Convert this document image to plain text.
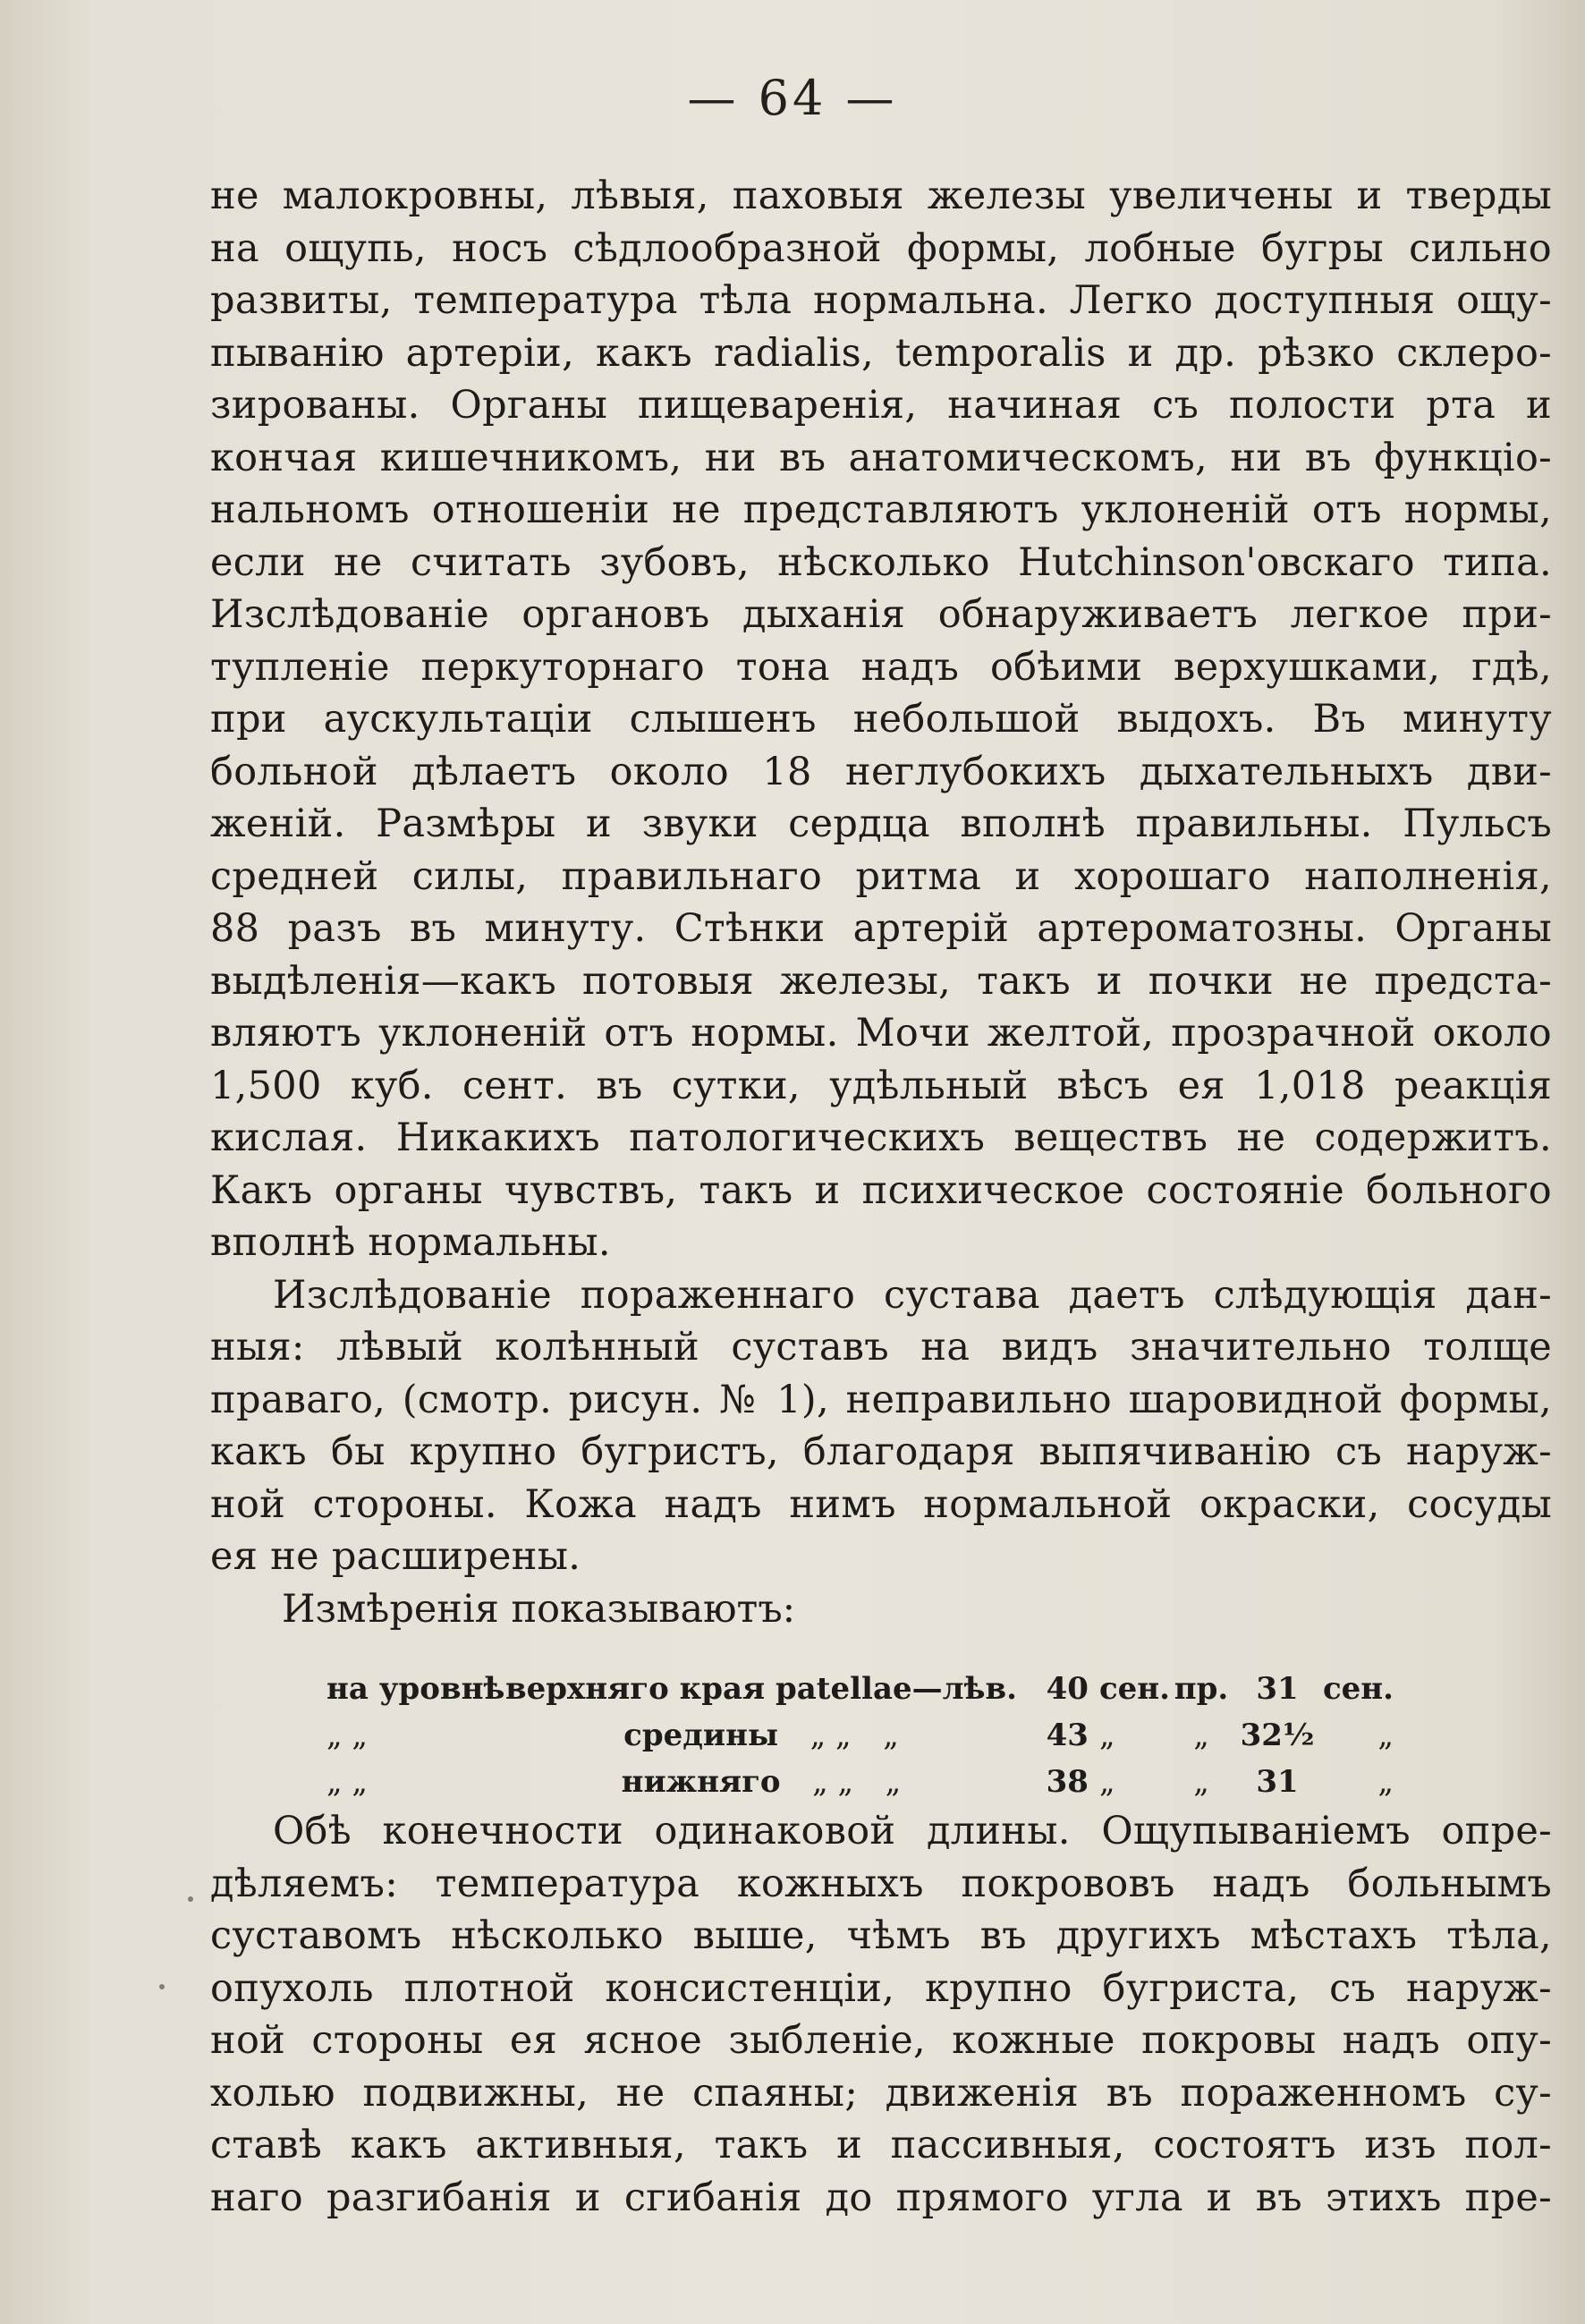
— 64 —
не малокровны, лѣвыя, паховыя железы увеличены и тверды
на ощупь, носъ сѣдлообразной формы, лобные бугры сильно
развиты, температура тѣла нормальна. Легко доступныя ощу-
пыванію артеріи, какъ radialis, temporalis и др. рѣзко склеро-
зированы. Органы пищеваренія, начиная съ полости рта и
кончая кишечникомъ, ни въ анатомическомъ, ни въ функціо-
нальномъ отношеніи не представляютъ уклоненій отъ нормы,
если не считать зубовъ, нѣсколько Hutchinson'овскаго типа.
Изслѣдованіе органовъ дыханія обнаруживаетъ легкое при-
тупленіе перкуторнаго тона надъ обѣими верхушками, гдѣ,
при аускультаціи слышенъ небольшой выдохъ. Въ минуту
больной дѣлаетъ около 18 неглубокихъ дыхательныхъ дви-
женій. Размѣры и звуки сердца вполнѣ правильны. Пульсъ
средней силы, правильнаго ритма и хорошаго наполненія,
88 разъ въ минуту. Стѣнки артерій артероматозны. Органы
выдѣленія—какъ потовыя железы, такъ и почки не предста-
вляютъ уклоненій отъ нормы. Мочи желтой, прозрачной около
1,500 куб. сент. въ сутки, удѣльный вѣсъ ея 1,018 реакція
кислая. Никакихъ патологическихъ веществъ не содержитъ.
Какъ органы чувствъ, такъ и психическое состояніе больного
вполнѣ нормальны.
Изслѣдованіе пораженнаго сустава даетъ слѣдующія дан-
ныя: лѣвый колѣнный суставъ на видъ значительно толще
праваго, (смотр. рисун. № 1), неправильно шаровидной формы,
какъ бы крупно бугристъ, благодаря выпячиванію съ наруж-
ной стороны. Кожа надъ нимъ нормальной окраски, сосуды
ея не расширены.
Измѣренія показываютъ:
на уровнѣ	верхняго края patellae—лѣв.	40	сен.	пр.	31	сен.
„ „	средины „ „ „	43	„	„	32½	„
„ „	нижняго „ „ „	38	„	„	31	„
Обѣ конечности одинаковой длины. Ощупываніемъ опре-
дѣляемъ: температура кожныхъ покрововъ надъ больнымъ
суставомъ нѣсколько выше, чѣмъ въ другихъ мѣстахъ тѣла,
опухоль плотной консистенціи, крупно бугриста, съ наруж-
ной стороны ея ясное зыбленіе, кожные покровы надъ опу-
холью подвижны, не спаяны; движенія въ пораженномъ су-
ставѣ какъ активныя, такъ и пассивныя, состоятъ изъ пол-
наго разгибанія и сгибанія до прямого угла и въ этихъ пре-
